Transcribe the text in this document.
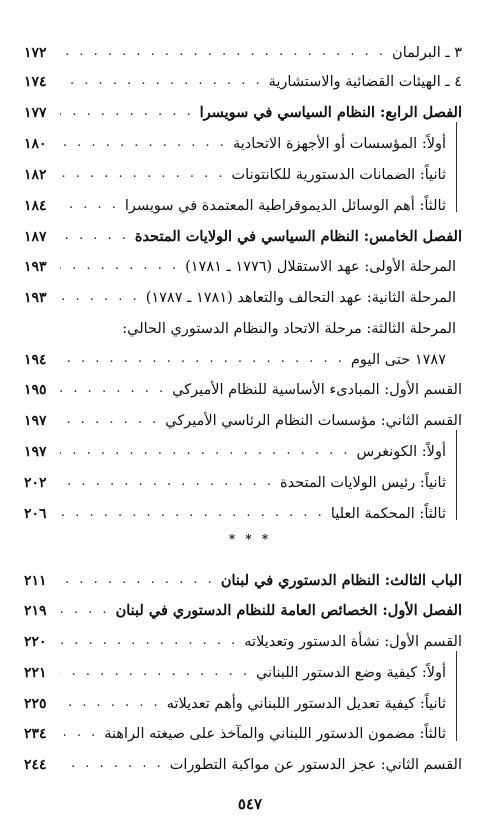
٣ ـ البرلمان
. . .
١٧٢
٤ ـ الهيئات القضائية والاستشارية
. . .
١٧٤
الفصل الرابع: النظام السياسي في سويسرا
. . .
١٧٧
أولاً: المؤسسات أو الأجهزة الاتحادية
. . .
١٨٠
ثانياً: الضمانات الدستورية للكانتونات
. . .
١٨٢
ثالثاً: أهم الوسائل الديموقراطية المعتمدة في سويسرا
. . .
١٨٤
الفصل الخامس: النظام السياسي في الولايات المتحدة
. . .
١٨٧
المرحلة الأولى: عهد الاستقلال (١٧٧٦ ـ ١٧٨١)
. . .
١٩٣
المرحلة الثانية: عهد التحالف والتعاهد (١٧٨١ ـ ١٧٨٧)
. . .
١٩٣
المرحلة الثالثة: مرحلة الاتحاد والنظام الدستوري الحالي:
١٧٨٧ حتى اليوم
. . .
١٩٤
القسم الأول: المبادىء الأساسية للنظام الأميركي
. . .
١٩٥
القسم الثاني: مؤسسات النظام الرئاسي الأميركي
. . .
١٩٧
أولاً: الكونغرس
. . .
١٩٧
ثانياً: رئيس الولايات المتحدة
. . .
٢٠٢
ثالثاً: المحكمة العليا
. . .
٢٠٦
* * *
الباب الثالث: النظام الدستوري في لبنان
. . .
٢١١
الفصل الأول: الخصائص العامة للنظام الدستوري في لبنان
. . .
٢١٩
القسم الأول: نشأة الدستور وتعديلاته
. . .
٢٢٠
أولاً: كيفية وضع الدستور اللبناني
. . .
٢٢١
ثانياً: كيفية تعديل الدستور اللبناني وأهم تعديلاته
. . .
٢٢٥
ثالثاً: مضمون الدستور اللبناني والمآخذ على صيغته الراهنة
. . .
٢٣٤
القسم الثاني: عجز الدستور عن مواكبة التطورات
. . .
٢٤٤
٥٤٧
